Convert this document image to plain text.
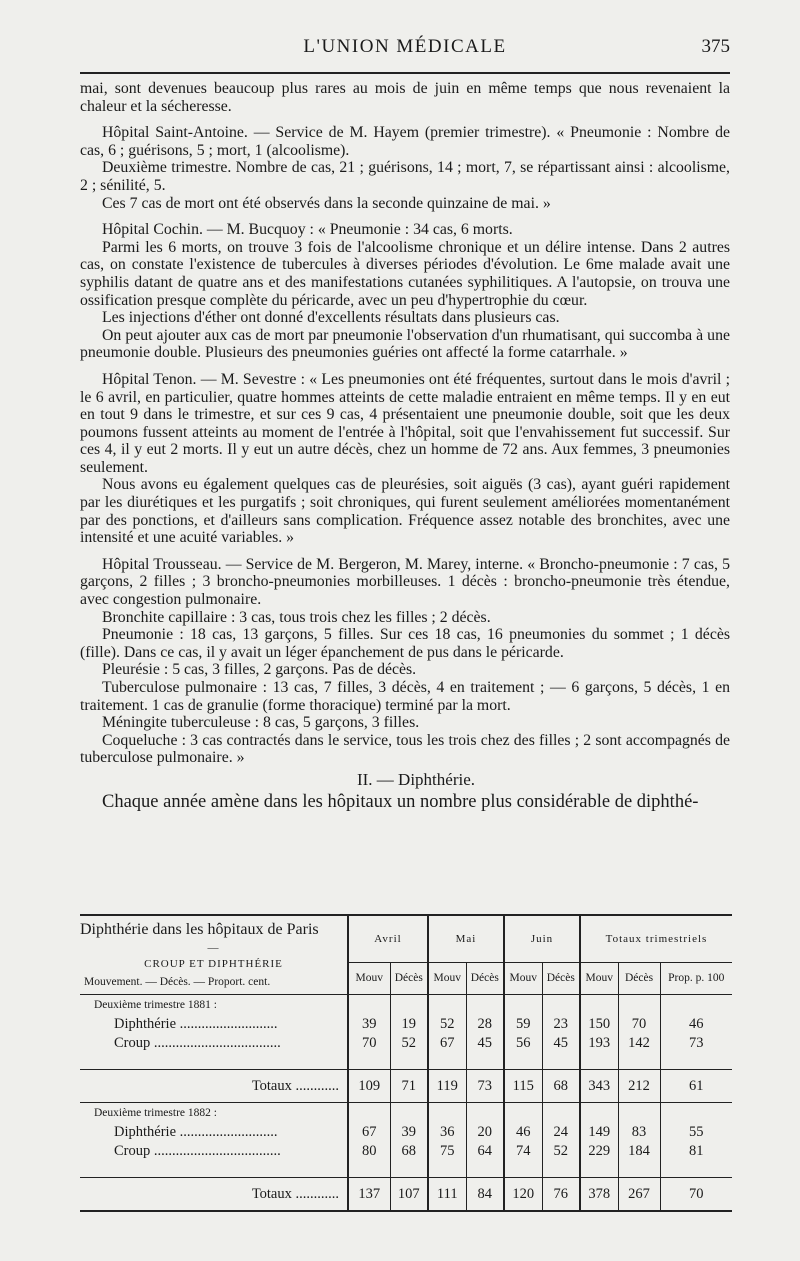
L'UNION MÉDICALE	375

mai, sont devenues beaucoup plus rares au mois de juin en même temps que nous revenaient la chaleur et la sécheresse.

Hôpital Saint-Antoine. — Service de M. Hayem (premier trimestre). « Pneumonie : Nombre de cas, 6 ; guérisons, 5 ; mort, 1 (alcoolisme).

Deuxième trimestre. Nombre de cas, 21 ; guérisons, 14 ; mort, 7, se répartissant ainsi : alcoolisme, 2 ; sénilité, 5.

Ces 7 cas de mort ont été observés dans la seconde quinzaine de mai. »

Hôpital Cochin. — M. Bucquoy : « Pneumonie : 34 cas, 6 morts.

Parmi les 6 morts, on trouve 3 fois de l'alcoolisme chronique et un délire intense. Dans 2 autres cas, on constate l'existence de tubercules à diverses périodes d'évolution. Le 6me malade avait une syphilis datant de quatre ans et des manifestations cutanées syphilitiques. A l'autopsie, on trouva une ossification presque complète du péricarde, avec un peu d'hypertrophie du cœur.

Les injections d'éther ont donné d'excellents résultats dans plusieurs cas.

On peut ajouter aux cas de mort par pneumonie l'observation d'un rhumatisant, qui succomba à une pneumonie double. Plusieurs des pneumonies guéries ont affecté la forme catarrhale. »

Hôpital Tenon. — M. Sevestre : « Les pneumonies ont été fréquentes, surtout dans le mois d'avril ; le 6 avril, en particulier, quatre hommes atteints de cette maladie entraient en même temps. Il y en eut en tout 9 dans le trimestre, et sur ces 9 cas, 4 présentaient une pneumonie double, soit que les deux poumons fussent atteints au moment de l'entrée à l'hôpital, soit que l'envahissement fut successif. Sur ces 4, il y eut 2 morts. Il y eut un autre décès, chez un homme de 72 ans. Aux femmes, 3 pneumonies seulement.

Nous avons eu également quelques cas de pleurésies, soit aiguës (3 cas), ayant guéri rapidement par les diurétiques et les purgatifs ; soit chroniques, qui furent seulement améliorées momentanément par des ponctions, et d'ailleurs sans complication. Fréquence assez notable des bronchites, avec une intensité et une acuité variables. »

Hôpital Trousseau. — Service de M. Bergeron, M. Marey, interne. « Broncho-pneumonie : 7 cas, 5 garçons, 2 filles ; 3 broncho-pneumonies morbilleuses. 1 décès : broncho-pneumonie très étendue, avec congestion pulmonaire.

Bronchite capillaire : 3 cas, tous trois chez les filles ; 2 décès.

Pneumonie : 18 cas, 13 garçons, 5 filles. Sur ces 18 cas, 16 pneumonies du sommet ; 1 décès (fille). Dans ce cas, il y avait un léger épanchement de pus dans le péricarde.

Pleurésie : 5 cas, 3 filles, 2 garçons. Pas de décès.

Tuberculose pulmonaire : 13 cas, 7 filles, 3 décès, 4 en traitement ; — 6 garçons, 5 décès, 1 en traitement. 1 cas de granulie (forme thoracique) terminé par la mort.

Méningite tuberculeuse : 8 cas, 5 garçons, 3 filles.

Coqueluche : 3 cas contractés dans le service, tous les trois chez des filles ; 2 sont accompagnés de tuberculose pulmonaire. »

II. — Diphthérie.

Chaque année amène dans les hôpitaux un nombre plus considérable de diphthé-

Diphthérie dans les hôpitaux de Paris
—
CROUP ET DIPHTHÉRIE
Mouvement. — Décès. — Proport. cent.	Avril		Mai		Juin		Totaux trimestriels		
	Mouv	Décès	Mouv	Décès	Mouv	Décès	Mouv	Décès	Prop. p. 100
Deuxième trimestre 1881 :									
Diphthérie ...........................	39	19	52	28	59	23	150	70	46
Croup ...................................	70	52	67	45	56	45	193	142	73

Totaux ............	109	71	119	73	115	68	343	212	61
Deuxième trimestre 1882 :									
Diphthérie ...........................	67	39	36	20	46	24	149	83	55
Croup ...................................	80	68	75	64	74	52	229	184	81

Totaux ............	137	107	111	84	120	76	378	267	70
